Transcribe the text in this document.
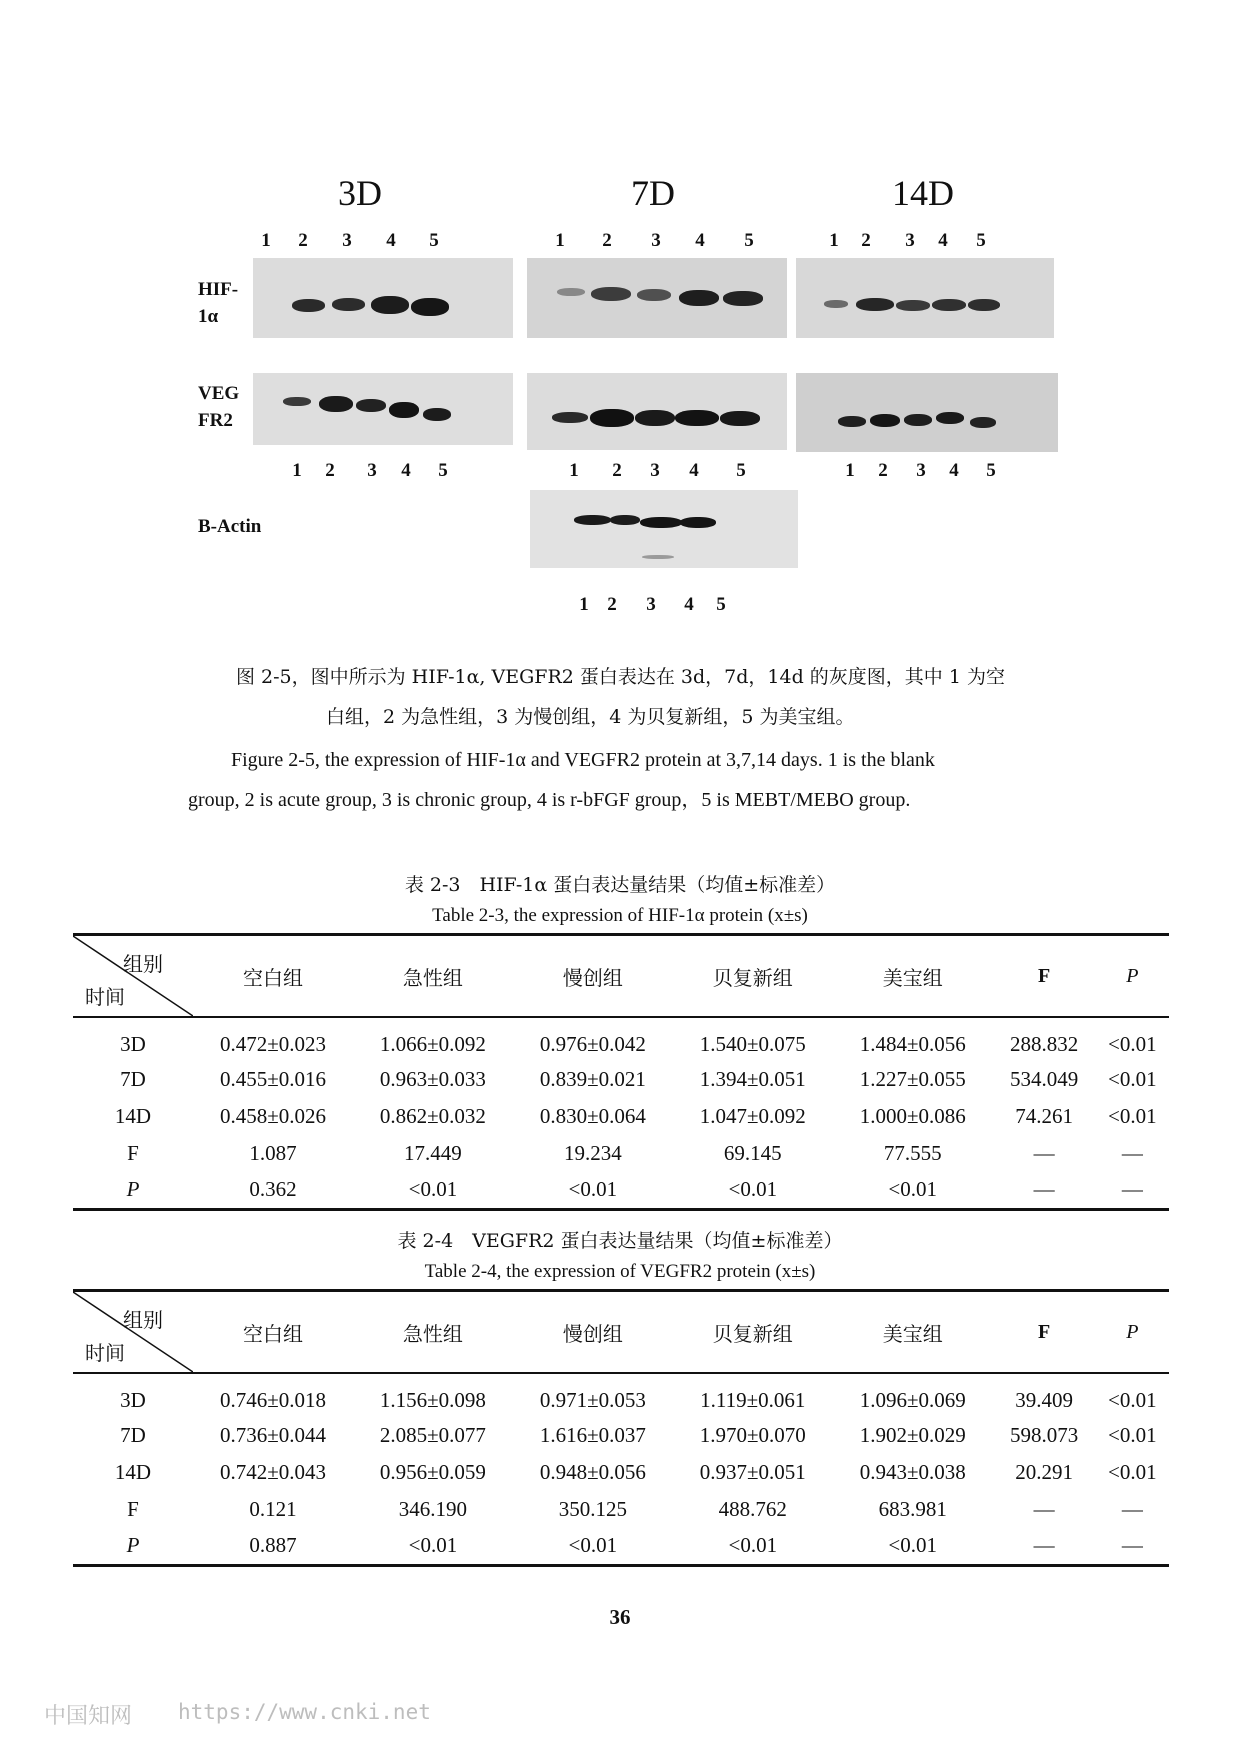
3D	7D	14D
1 2 3 4 5	1 2 3 4 5	1 2 3 4 5
HIF-
1α
VEG
FR2
B-Actin
1 2 3 4 5	1 2 3 4 5	1 2 3 4 5
1 2 3 4 5
图 2-5，图中所示为 HIF-1α, VEGFR2 蛋白表达在 3d，7d，14d 的灰度图，其中 1 为空
白组，2 为急性组，3 为慢创组，4 为贝复新组，5 为美宝组。
Figure 2-5, the expression of HIF-1α and VEGFR2 protein at 3,7,14 days. 1 is the blank
group, 2 is acute group, 3 is chronic group, 4 is r-bFGF group，5 is MEBT/MEBO group.
表 2-3　HIF-1α 蛋白表达量结果（均值±标准差）
Table 2-3, the expression of HIF-1α protein (x±s)
组别
时间	空白组	急性组	慢创组	贝复新组	美宝组	F	P
3D	0.472±0.023	1.066±0.092	0.976±0.042	1.540±0.075	1.484±0.056	288.832	<0.01
7D	0.455±0.016	0.963±0.033	0.839±0.021	1.394±0.051	1.227±0.055	534.049	<0.01
14D	0.458±0.026	0.862±0.032	0.830±0.064	1.047±0.092	1.000±0.086	74.261	<0.01
F	1.087	17.449	19.234	69.145	77.555	—	—
P	0.362	<0.01	<0.01	<0.01	<0.01	—	—
表 2-4　VEGFR2 蛋白表达量结果（均值±标准差）
Table 2-4, the expression of VEGFR2 protein (x±s)
组别
时间	空白组	急性组	慢创组	贝复新组	美宝组	F	P
3D	0.746±0.018	1.156±0.098	0.971±0.053	1.119±0.061	1.096±0.069	39.409	<0.01
7D	0.736±0.044	2.085±0.077	1.616±0.037	1.970±0.070	1.902±0.029	598.073	<0.01
14D	0.742±0.043	0.956±0.059	0.948±0.056	0.937±0.051	0.943±0.038	20.291	<0.01
F	0.121	346.190	350.125	488.762	683.981	—	—
P	0.887	<0.01	<0.01	<0.01	<0.01	—	—
36
中国知网 https://www.cnki.net
